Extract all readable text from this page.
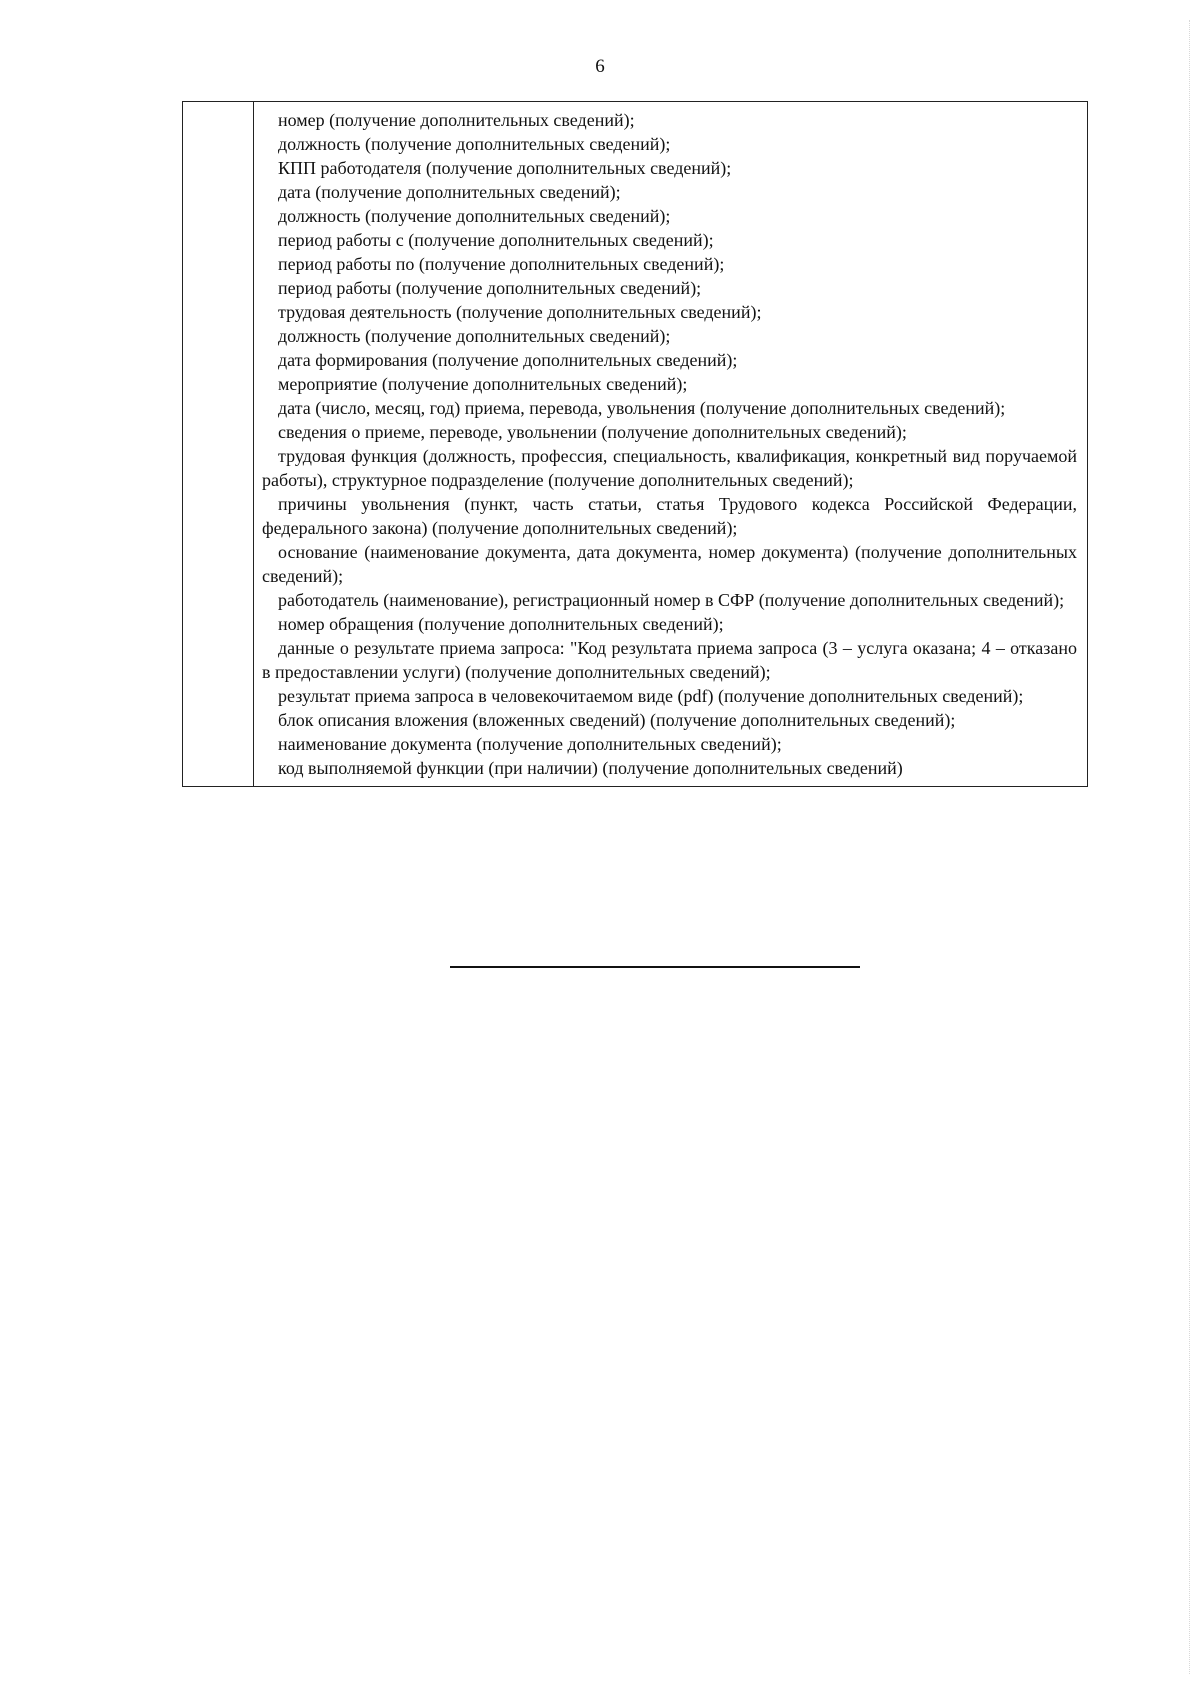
6

номер (получение дополнительных сведений);

должность (получение дополнительных сведений);

КПП работодателя (получение дополнительных сведений);

дата (получение дополнительных сведений);

должность (получение дополнительных сведений);

период работы с (получение дополнительных сведений);

период работы по (получение дополнительных сведений);

период работы (получение дополнительных сведений);

трудовая деятельность (получение дополнительных сведений);

должность (получение дополнительных сведений);

дата формирования (получение дополнительных сведений);

мероприятие (получение дополнительных сведений);

дата (число, месяц, год) приема, перевода, увольнения (получение дополнительных сведений);

сведения о приеме, переводе, увольнении (получение дополнительных сведений);

трудовая функция (должность, профессия, специальность, квалификация, конкретный вид поручаемой работы), структурное подразделение (получение дополнительных сведений);

причины увольнения (пункт, часть статьи, статья Трудового кодекса Российской Федерации, федерального закона) (получение дополнительных сведений);

основание (наименование документа, дата документа, номер документа) (получение дополнительных сведений);

работодатель (наименование), регистрационный номер в СФР (получение дополнительных сведений);

номер обращения (получение дополнительных сведений);

данные о результате приема запроса: "Код результата приема запроса (3 – услуга оказана; 4 – отказано в предоставлении услуги) (получение дополнительных сведений);

результат приема запроса в человекочитаемом виде (pdf) (получение дополнительных сведений);

блок описания вложения (вложенных сведений) (получение дополнительных сведений);

наименование документа (получение дополнительных сведений);

код выполняемой функции (при наличии) (получение дополнительных сведений)
